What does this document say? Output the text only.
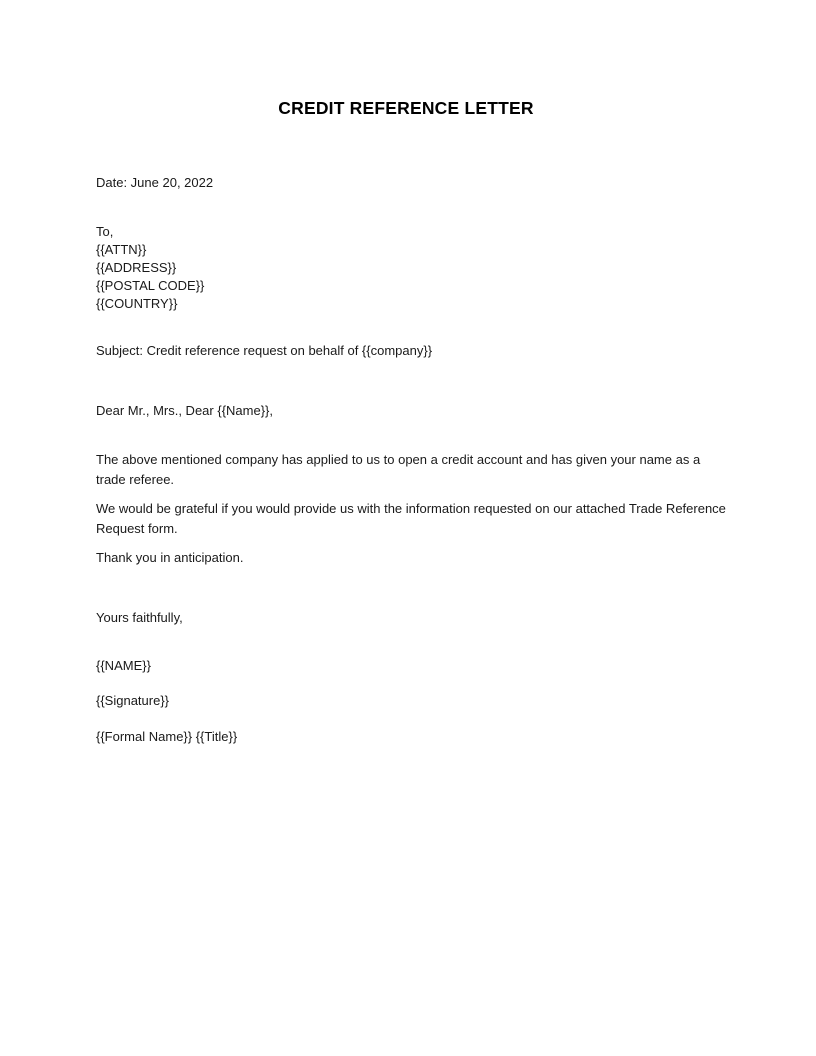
CREDIT REFERENCE LETTER
Date: June 20, 2022
To,
{{ATTN}}
{{ADDRESS}}
{{POSTAL CODE}}
{{COUNTRY}}
Subject: Credit reference request on behalf of {{company}}
Dear Mr., Mrs., Dear {{Name}},
The above mentioned company has applied to us to open a credit account and has given your name as a trade referee.
We would be grateful if you would provide us with the information requested on our attached Trade Reference Request form.
Thank you in anticipation.
Yours faithfully,
{{NAME}}
{{Signature}}
{{Formal Name}} {{Title}}
